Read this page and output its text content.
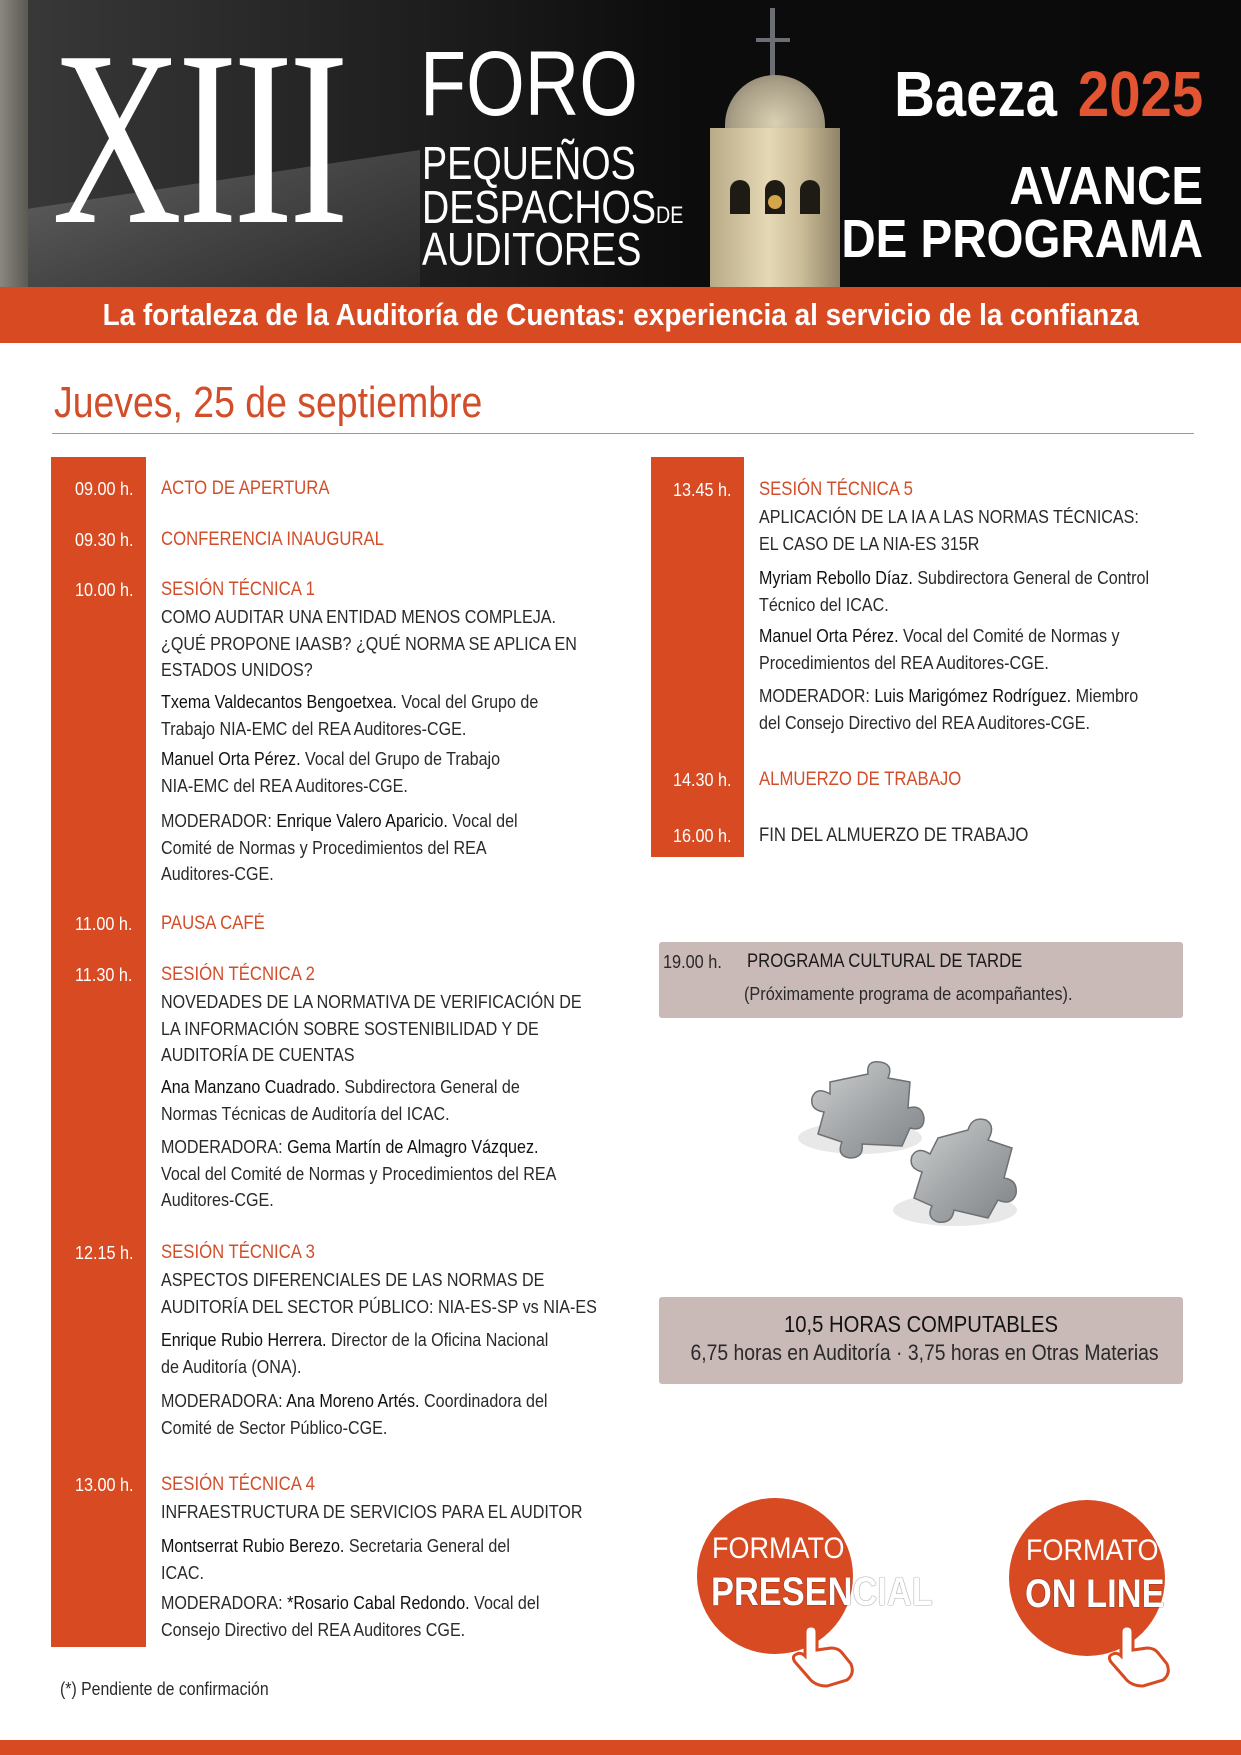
XIII FORO
PEQUEÑOS
DESPACHOSDE
AUDITORES
Baeza 2025
AVANCE
DE PROGRAMA
La fortaleza de la Auditoría de Cuentas: experiencia al servicio de la confianza
Jueves, 25 de septiembre
09.00 h. ACTO DE APERTURA
09.30 h. CONFERENCIA INAUGURAL
10.00 h. SESIÓN TÉCNICA 1
COMO AUDITAR UNA ENTIDAD MENOS COMPLEJA.
¿QUÉ PROPONE IAASB? ¿QUÉ NORMA SE APLICA EN
ESTADOS UNIDOS?
Txema Valdecantos Bengoetxea. Vocal del Grupo de
Trabajo NIA-EMC del REA Auditores-CGE.
Manuel Orta Pérez. Vocal del Grupo de Trabajo
NIA-EMC del REA Auditores-CGE.
MODERADOR: Enrique Valero Aparicio. Vocal del
Comité de Normas y Procedimientos del REA
Auditores-CGE.
11.00 h. PAUSA CAFÉ
11.30 h. SESIÓN TÉCNICA 2
NOVEDADES DE LA NORMATIVA DE VERIFICACIÓN DE
LA INFORMACIÓN SOBRE SOSTENIBILIDAD Y DE
AUDITORÍA DE CUENTAS
Ana Manzano Cuadrado. Subdirectora General de
Normas Técnicas de Auditoría del ICAC.
MODERADORA: Gema Martín de Almagro Vázquez.
Vocal del Comité de Normas y Procedimientos del REA
Auditores-CGE.
12.15 h. SESIÓN TÉCNICA 3
ASPECTOS DIFERENCIALES DE LAS NORMAS DE
AUDITORÍA DEL SECTOR PÚBLICO: NIA-ES-SP vs NIA-ES
Enrique Rubio Herrera. Director de la Oficina Nacional
de Auditoría (ONA).
MODERADORA: Ana Moreno Artés. Coordinadora del
Comité de Sector Público-CGE.
13.00 h. SESIÓN TÉCNICA 4
INFRAESTRUCTURA DE SERVICIOS PARA EL AUDITOR
Montserrat Rubio Berezo. Secretaria General del
ICAC.
MODERADORA: *Rosario Cabal Redondo. Vocal del
Consejo Directivo del REA Auditores CGE.
13.45 h. SESIÓN TÉCNICA 5
APLICACIÓN DE LA IA A LAS NORMAS TÉCNICAS:
EL CASO DE LA NIA-ES 315R
Myriam Rebollo Díaz. Subdirectora General de Control
Técnico del ICAC.
Manuel Orta Pérez. Vocal del Comité de Normas y
Procedimientos del REA Auditores-CGE.
MODERADOR: Luis Marigómez Rodríguez. Miembro
del Consejo Directivo del REA Auditores-CGE.
14.30 h. ALMUERZO DE TRABAJO
16.00 h. FIN DEL ALMUERZO DE TRABAJO
19.00 h. PROGRAMA CULTURAL DE TARDE
(Próximamente programa de acompañantes).
10,5 HORAS COMPUTABLES
6,75 horas en Auditoría · 3,75 horas en Otras Materias
FORMATO
PRESENCIAL
FORMATO
ON LINE
(*) Pendiente de confirmación
